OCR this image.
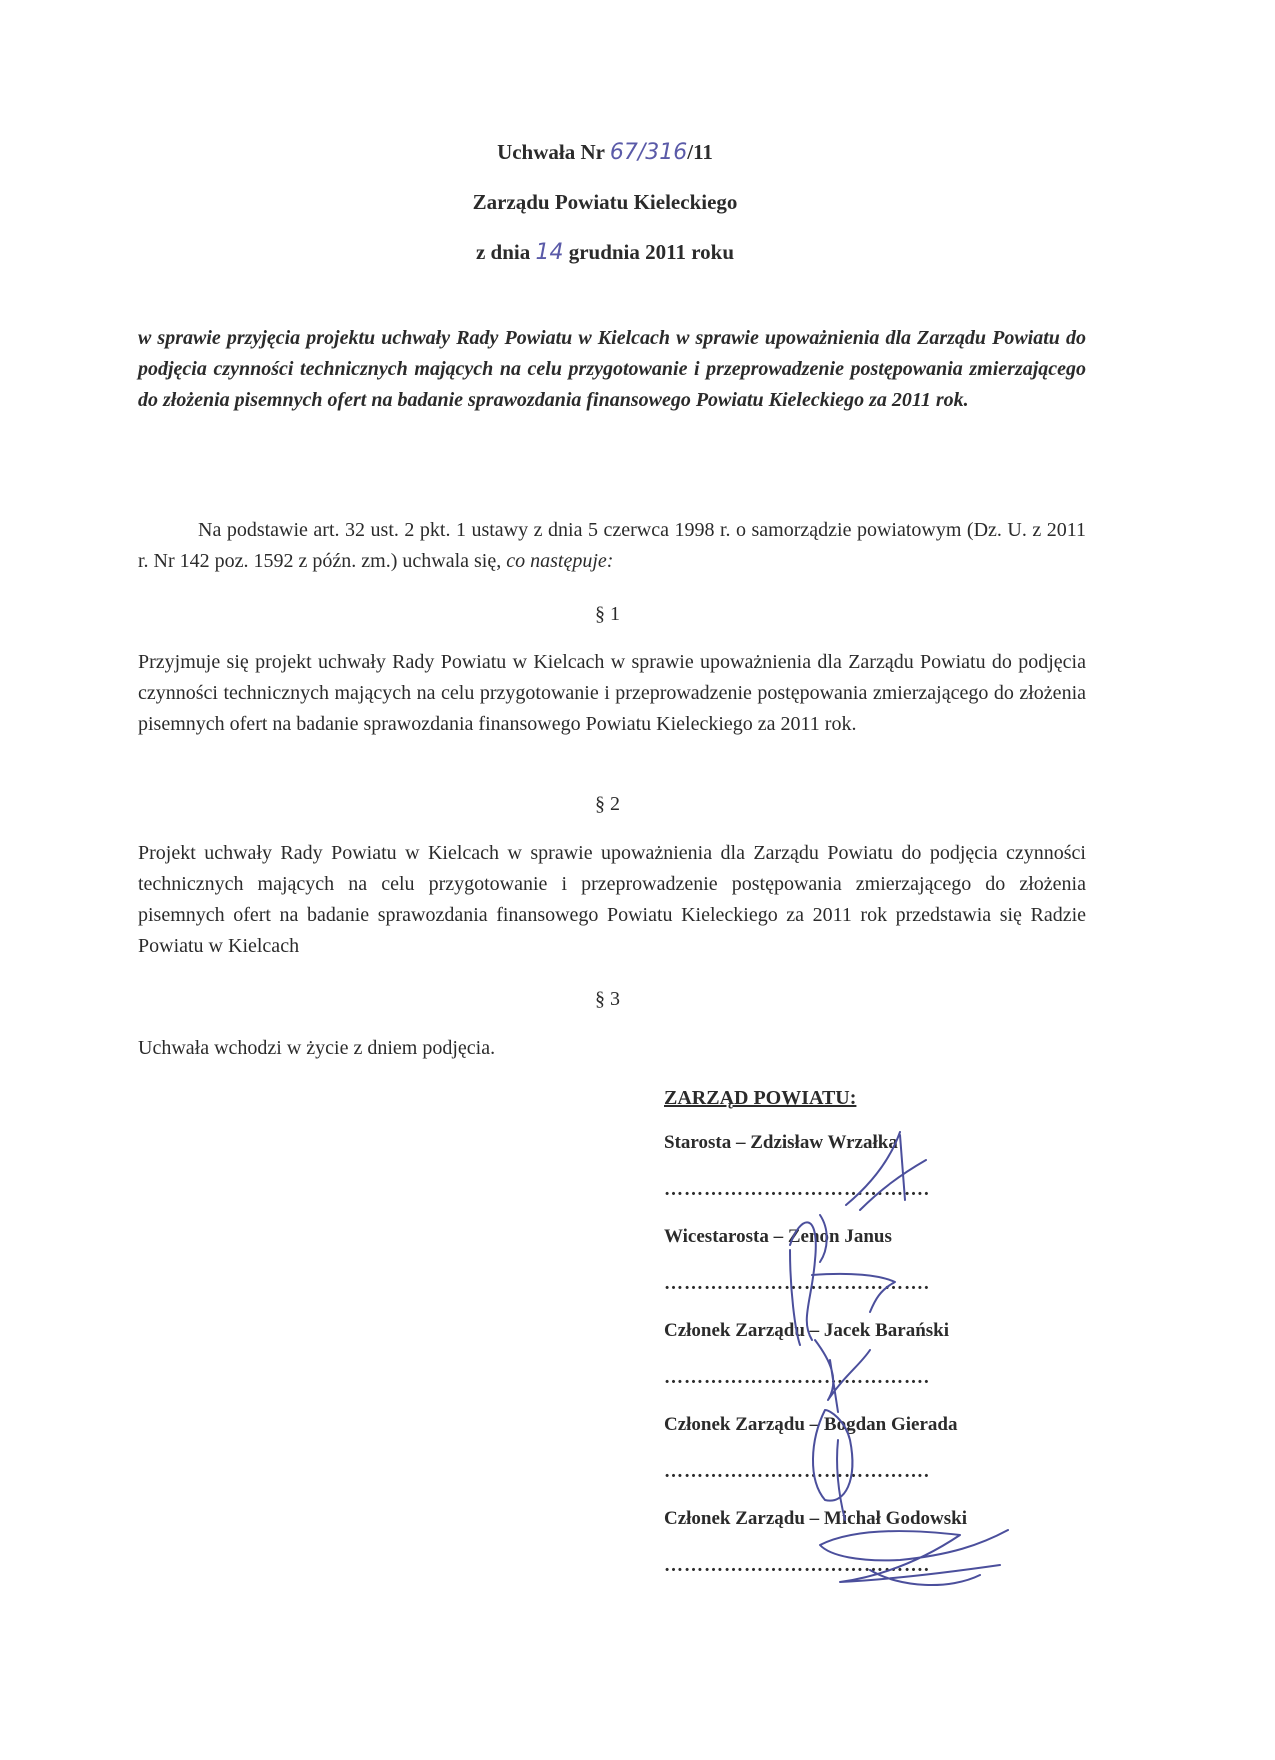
Uchwała Nr 67/316/11
Zarządu Powiatu Kieleckiego
z dnia 14 grudnia 2011 roku
w sprawie przyjęcia projektu uchwały Rady Powiatu w Kielcach w sprawie upoważnienia dla Zarządu Powiatu do podjęcia czynności technicznych mających na celu przygotowanie i przeprowadzenie postępowania zmierzającego do złożenia pisemnych ofert na badanie sprawozdania finansowego Powiatu Kieleckiego za 2011 rok.
Na podstawie art. 32 ust. 2 pkt. 1 ustawy z dnia 5 czerwca 1998 r. o samorządzie powiatowym (Dz. U. z 2011 r. Nr 142 poz. 1592 z późn. zm.) uchwala się, co następuje:
§ 1
Przyjmuje się projekt uchwały Rady Powiatu w Kielcach w sprawie upoważnienia dla Zarządu Powiatu do podjęcia czynności technicznych mających na celu przygotowanie i przeprowadzenie postępowania zmierzającego do złożenia pisemnych ofert na badanie sprawozdania finansowego Powiatu Kieleckiego za 2011 rok.
§ 2
Projekt uchwały Rady Powiatu w Kielcach w sprawie upoważnienia dla Zarządu Powiatu do podjęcia czynności technicznych mających na celu przygotowanie i przeprowadzenie postępowania zmierzającego do złożenia pisemnych ofert na badanie sprawozdania finansowego Powiatu Kieleckiego za 2011 rok przedstawia się Radzie Powiatu w Kielcach
§ 3
Uchwała wchodzi w życie z dniem podjęcia.
ZARZĄD POWIATU:
Starosta – Zdzisław Wrzałka
………………………………….
Wicestarosta – Zenon Janus
………………………………….
Członek Zarządu – Jacek Barański
………………………………….
Członek Zarządu – Bogdan Gierada
………………………………….
Członek Zarządu – Michał Godowski
………………………………….
